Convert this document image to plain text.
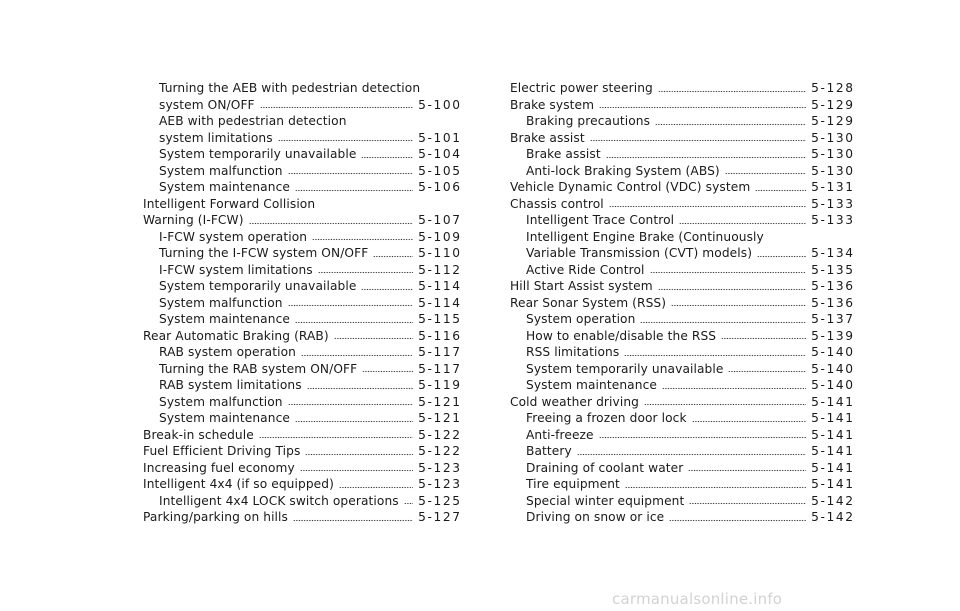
Turning the AEB with pedestrian detection
system ON/OFF	5-100
AEB with pedestrian detection
system limitations	5-101
System temporarily unavailable	5-104
System malfunction	5-105
System maintenance	5-106
Intelligent Forward Collision
Warning (I-FCW)	5-107
I-FCW system operation	5-109
Turning the I-FCW system ON/OFF	5-110
I-FCW system limitations	5-112
System temporarily unavailable	5-114
System malfunction	5-114
System maintenance	5-115
Rear Automatic Braking (RAB)	5-116
RAB system operation	5-117
Turning the RAB system ON/OFF	5-117
RAB system limitations	5-119
System malfunction	5-121
System maintenance	5-121
Break-in schedule	5-122
Fuel Efficient Driving Tips	5-122
Increasing fuel economy	5-123
Intelligent 4x4 (if so equipped)	5-123
Intelligent 4x4 LOCK switch operations 5-125
Parking/parking on hills	5-127
Electric power steering	5-128
Brake system	5-129
Braking precautions	5-129
Brake assist	5-130
Brake assist	5-130
Anti-lock Braking System (ABS)	5-130
Vehicle Dynamic Control (VDC) system	5-131
Chassis control	5-133
Intelligent Trace Control	5-133
Intelligent Engine Brake (Continuously
Variable Transmission (CVT) models)	5-134
Active Ride Control	5-135
Hill Start Assist system	5-136
Rear Sonar System (RSS)	5-136
System operation	5-137
How to enable/disable the RSS	5-139
RSS limitations	5-140
System temporarily unavailable	5-140
System maintenance	5-140
Cold weather driving	5-141
Freeing a frozen door lock	5-141
Anti-freeze	5-141
Battery	5-141
Draining of coolant water	5-141
Tire equipment	5-141
Special winter equipment	5-142
Driving on snow or ice	5-142
carmanualsonline.info
